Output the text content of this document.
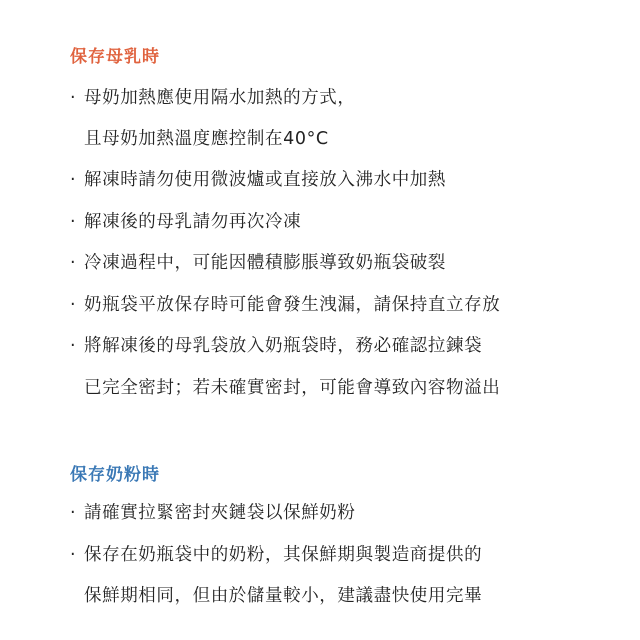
保存母乳時
· 母奶加熱應使用隔水加熱的方式，
且母奶加熱溫度應控制在40°C
· 解凍時請勿使用微波爐或直接放入沸水中加熱
· 解凍後的母乳請勿再次冷凍
· 冷凍過程中，可能因體積膨脹導致奶瓶袋破裂
· 奶瓶袋平放保存時可能會發生洩漏，請保持直立存放
· 將解凍後的母乳袋放入奶瓶袋時，務必確認拉鍊袋
已完全密封；若未確實密封，可能會導致內容物溢出
保存奶粉時
· 請確實拉緊密封夾鏈袋以保鮮奶粉
· 保存在奶瓶袋中的奶粉，其保鮮期與製造商提供的
保鮮期相同，但由於儲量較小，建議盡快使用完畢
